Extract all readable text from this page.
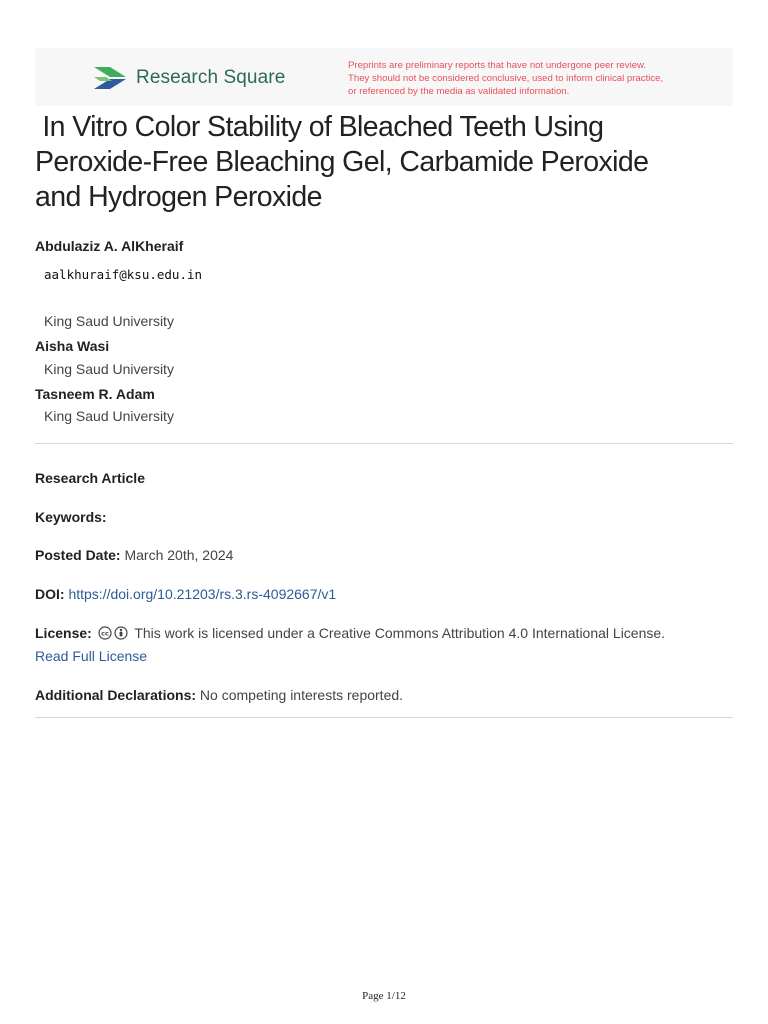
Research Square
Preprints are preliminary reports that have not undergone peer review.
They should not be considered conclusive, used to inform clinical practice,
or referenced by the media as validated information.
In Vitro Color Stability of Bleached Teeth Using
Peroxide-Free Bleaching Gel, Carbamide Peroxide
and Hydrogen Peroxide
Abdulaziz A. AlKheraif
aalkhuraif@ksu.edu.in
King Saud University
Aisha Wasi
King Saud University
Tasneem R. Adam
King Saud University
Research Article
Keywords:
Posted Date: March 20th, 2024
DOI: https://doi.org/10.21203/rs.3.rs-4092667/v1
License: cc This work is licensed under a Creative Commons Attribution 4.0 International License.
Read Full License
Additional Declarations: No competing interests reported.
Page 1/12
